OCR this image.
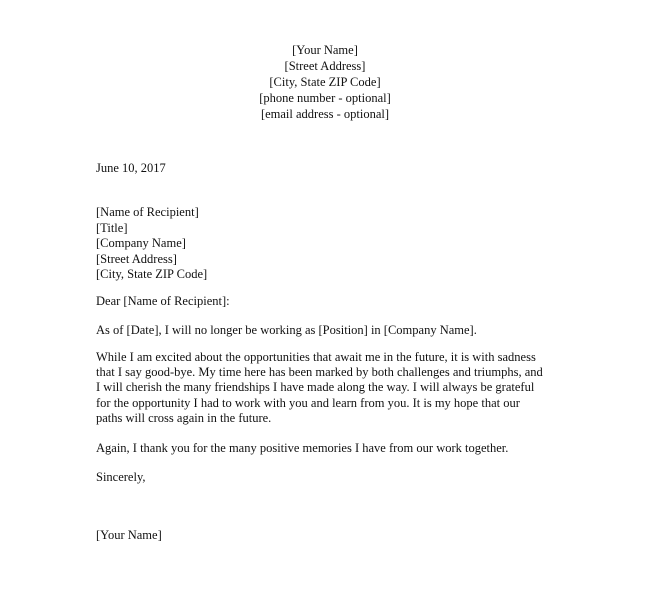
[Your Name]
[Street Address]
[City, State ZIP Code]
[phone number - optional]
[email address - optional]
June 10, 2017
[Name of Recipient]
[Title]
[Company Name]
[Street Address]
[City, State ZIP Code]
Dear [Name of Recipient]:
As of [Date], I will no longer be working as [Position] in [Company Name].
While I am excited about the opportunities that await me in the future, it is with sadness
that I say good-bye. My time here has been marked by both challenges and triumphs, and
I will cherish the many friendships I have made along the way. I will always be grateful
for the opportunity I had to work with you and learn from you. It is my hope that our
paths will cross again in the future.
Again, I thank you for the many positive memories I have from our work together.
Sincerely,
[Your Name]
